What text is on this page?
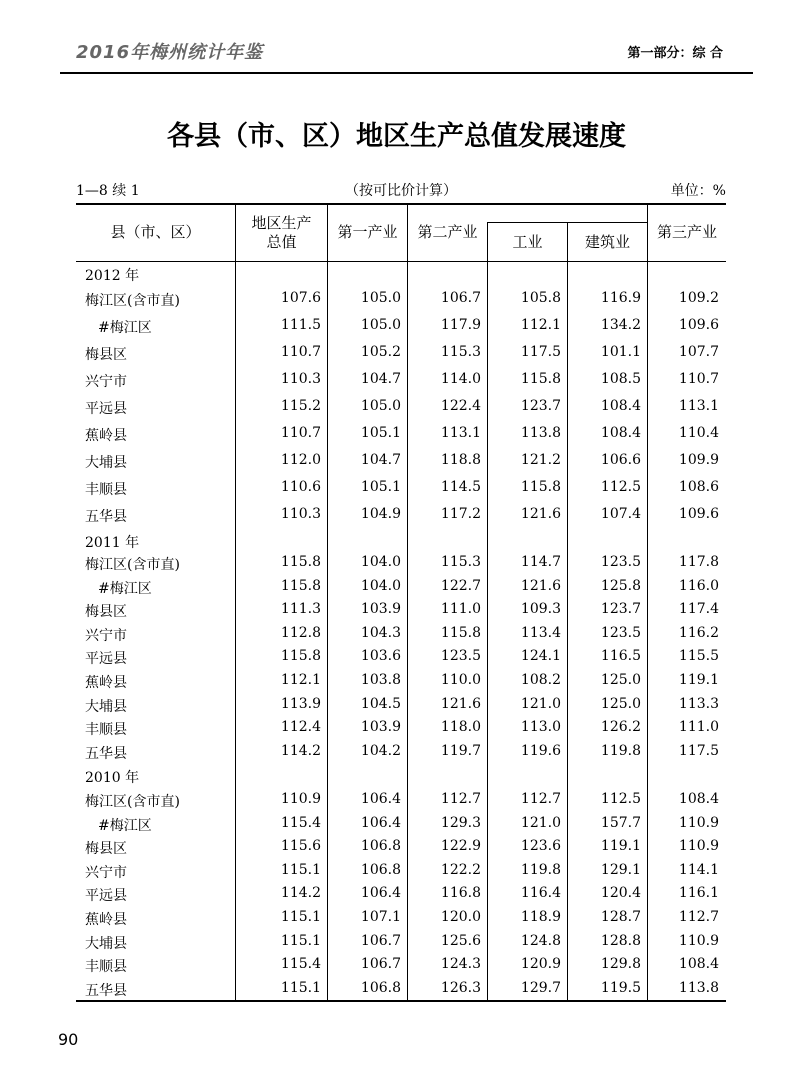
2016年梅州统计年鉴	第一部分：综 合
各县（市、区）地区生产总值发展速度
1—8 续 1	（按可比价计算）	单位：%
县（市、区）
地区生产
总值
第一产业	第二产业
工业	建筑业
第三产业
2012 年
梅江区(含市直)	107.6	105.0	106.7	105.8	116.9	109.2
#梅江区	111.5	105.0	117.9	112.1	134.2	109.6
梅县区	110.7	105.2	115.3	117.5	101.1	107.7
兴宁市	110.3	104.7	114.0	115.8	108.5	110.7
平远县	115.2	105.0	122.4	123.7	108.4	113.1
蕉岭县	110.7	105.1	113.1	113.8	108.4	110.4
大埔县	112.0	104.7	118.8	121.2	106.6	109.9
丰顺县	110.6	105.1	114.5	115.8	112.5	108.6
五华县	110.3	104.9	117.2	121.6	107.4	109.6
2011 年
梅江区(含市直)	115.8	104.0	115.3	114.7	123.5	117.8
#梅江区	115.8	104.0	122.7	121.6	125.8	116.0
梅县区	111.3	103.9	111.0	109.3	123.7	117.4
兴宁市	112.8	104.3	115.8	113.4	123.5	116.2
平远县	115.8	103.6	123.5	124.1	116.5	115.5
蕉岭县	112.1	103.8	110.0	108.2	125.0	119.1
大埔县	113.9	104.5	121.6	121.0	125.0	113.3
丰顺县	112.4	103.9	118.0	113.0	126.2	111.0
五华县	114.2	104.2	119.7	119.6	119.8	117.5
2010 年
梅江区(含市直)	110.9	106.4	112.7	112.7	112.5	108.4
#梅江区	115.4	106.4	129.3	121.0	157.7	110.9
梅县区	115.6	106.8	122.9	123.6	119.1	110.9
兴宁市	115.1	106.8	122.2	119.8	129.1	114.1
平远县	114.2	106.4	116.8	116.4	120.4	116.1
蕉岭县	115.1	107.1	120.0	118.9	128.7	112.7
大埔县	115.1	106.7	125.6	124.8	128.8	110.9
丰顺县	115.4	106.7	124.3	120.9	129.8	108.4
五华县	115.1	106.8	126.3	129.7	119.5	113.8
90
